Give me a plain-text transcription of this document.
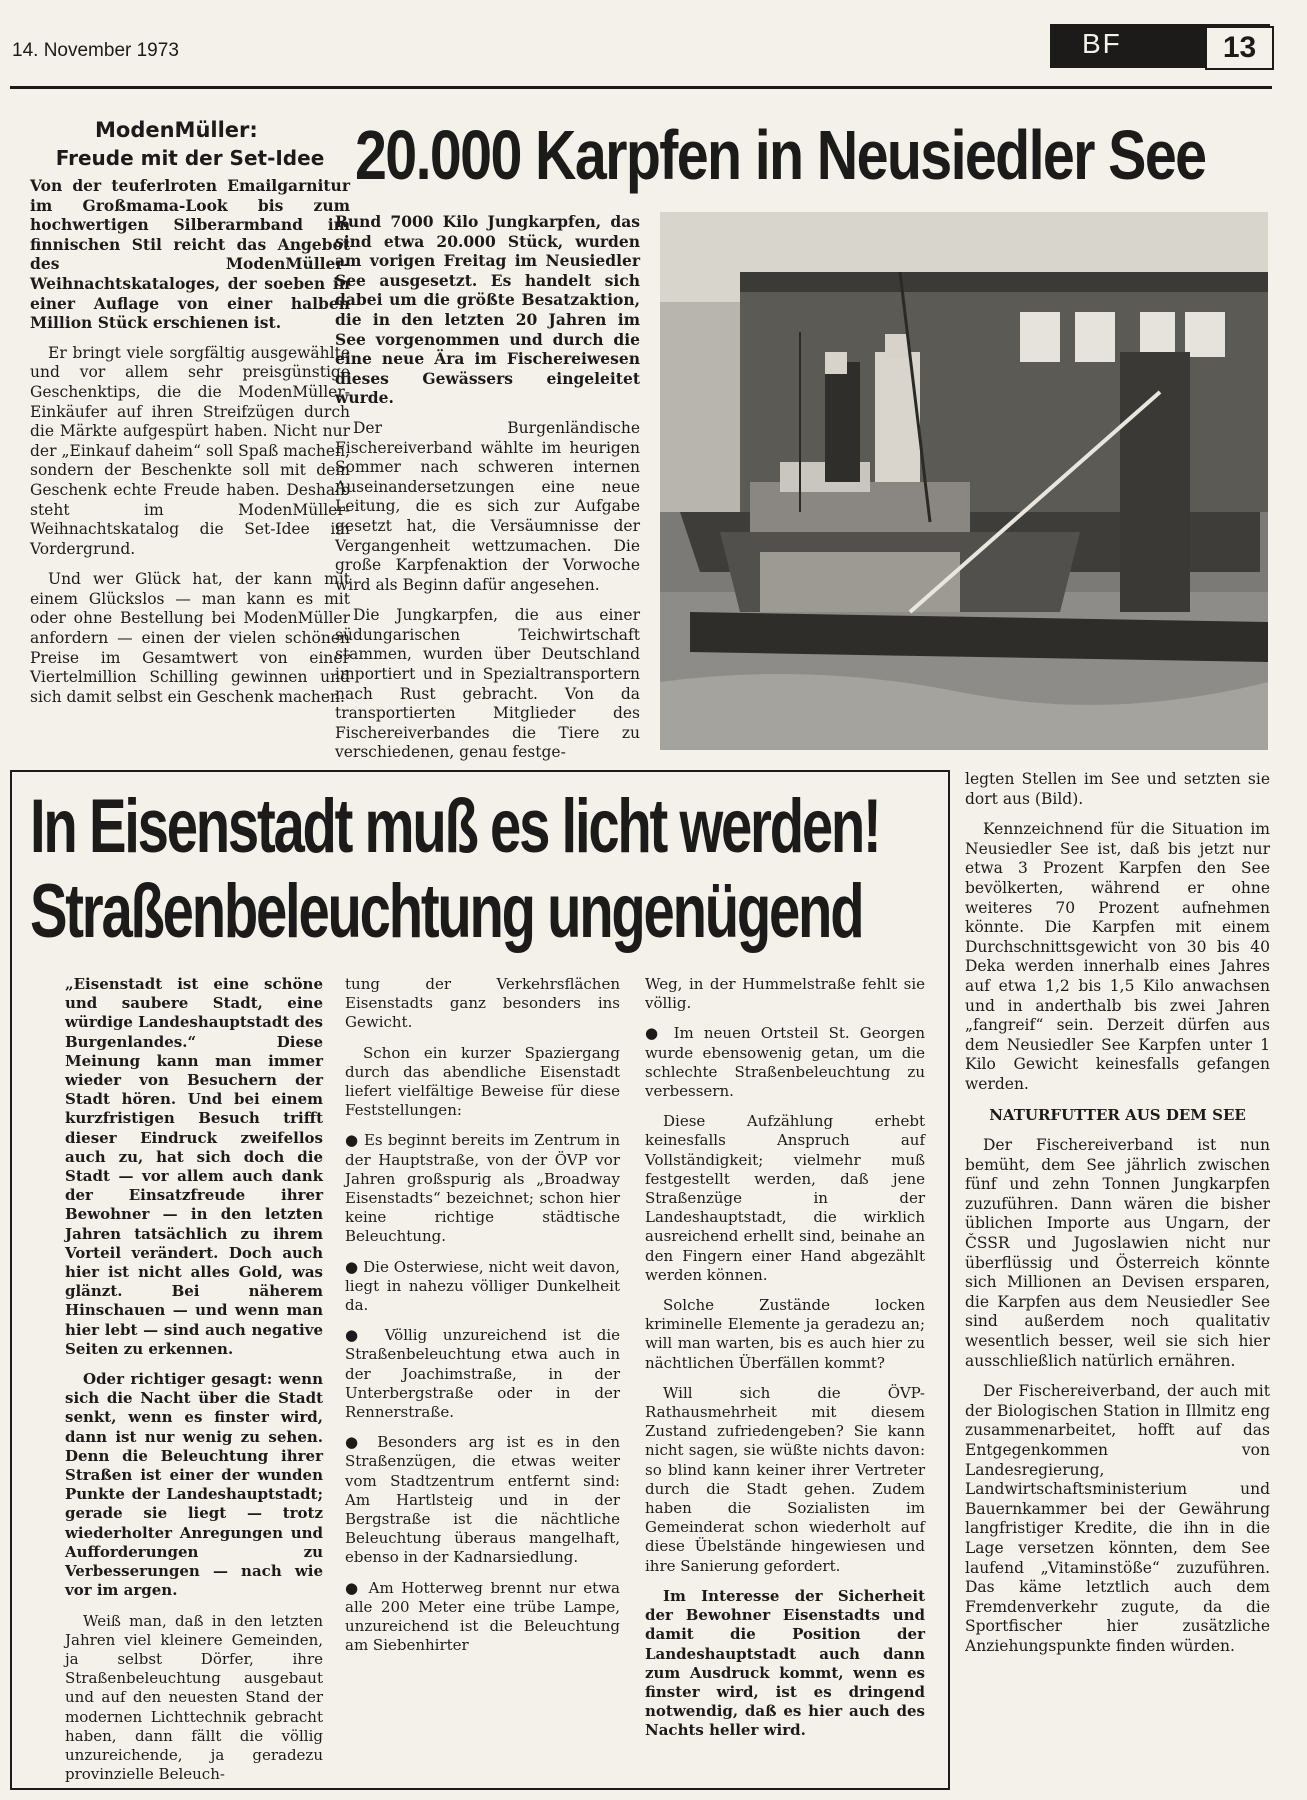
14. November 1973	BF	13
ModenMüller:
Freude mit der Set-Idee

Von der teuferlroten Emailgarnitur im Großmama-Look bis zum hochwertigen Silberarmband im finnischen Stil reicht das Angebot des ModenMüller-Weihnachtskataloges, der soeben in einer Auflage von einer halben Million Stück erschienen ist.

Er bringt viele sorgfältig ausgewählte und vor allem sehr preisgünstige Geschenktips, die die ModenMüller-Einkäufer auf ihren Streifzügen durch die Märkte aufgespürt haben. Nicht nur der „Einkauf daheim“ soll Spaß machen, sondern der Beschenkte soll mit dem Geschenk echte Freude haben. Deshalb steht im ModenMüller-Weihnachtskatalog die Set-Idee im Vordergrund.

Und wer Glück hat, der kann mit einem Glückslos — man kann es mit oder ohne Bestellung bei ModenMüller anfordern — einen der vielen schönen Preise im Gesamtwert von einer Viertelmillion Schilling gewinnen und sich damit selbst ein Geschenk machen.

20.000 Karpfen in Neusiedler See

Rund 7000 Kilo Jungkarpfen, das sind etwa 20.000 Stück, wurden am vorigen Freitag im Neusiedler See ausgesetzt. Es handelt sich dabei um die größte Besatzaktion, die in den letzten 20 Jahren im See vorgenommen und durch die eine neue Ära im Fischereiwesen dieses Gewässers eingeleitet wurde.

Der Burgenländische Fischereiverband wählte im heurigen Sommer nach schweren internen Auseinandersetzungen eine neue Leitung, die es sich zur Aufgabe gesetzt hat, die Versäumnisse der Vergangenheit wettzumachen. Die große Karpfenaktion der Vorwoche wird als Beginn dafür angesehen.

Die Jungkarpfen, die aus einer südungarischen Teichwirtschaft stammen, wurden über Deutschland importiert und in Spezialtransportern nach Rust gebracht. Von da transportierten Mitglieder des Fischereiverbandes die Tiere zu verschiedenen, genau festge-

legten Stellen im See und setzten sie dort aus (Bild).

Kennzeichnend für die Situation im Neusiedler See ist, daß bis jetzt nur etwa 3 Prozent Karpfen den See bevölkerten, während er ohne weiteres 70 Prozent aufnehmen könnte. Die Karpfen mit einem Durchschnittsgewicht von 30 bis 40 Deka werden innerhalb eines Jahres auf etwa 1,2 bis 1,5 Kilo anwachsen und in anderthalb bis zwei Jahren „fangreif“ sein. Derzeit dürfen aus dem Neusiedler See Karpfen unter 1 Kilo Gewicht keinesfalls gefangen werden.

NATURFUTTER AUS DEM SEE

Der Fischereiverband ist nun bemüht, dem See jährlich zwischen fünf und zehn Tonnen Jungkarpfen zuzuführen. Dann wären die bisher üblichen Importe aus Ungarn, der ČSSR und Jugoslawien nicht nur überflüssig und Österreich könnte sich Millionen an Devisen ersparen, die Karpfen aus dem Neusiedler See sind außerdem noch qualitativ wesentlich besser, weil sie sich hier ausschließlich natürlich ernähren.

Der Fischereiverband, der auch mit der Biologischen Station in Illmitz eng zusammenarbeitet, hofft auf das Entgegenkommen von Landesregierung, Landwirtschaftsministerium und Bauernkammer bei der Gewährung langfristiger Kredite, die ihn in die Lage versetzen könnten, dem See laufend „Vitaminstöße“ zuzuführen. Das käme letztlich auch dem Fremdenverkehr zugute, da die Sportfischer hier zusätzliche Anziehungspunkte finden würden.

In Eisenstadt muß es licht werden!
Straßenbeleuchtung ungenügend

„Eisenstadt ist eine schöne und saubere Stadt, eine würdige Landeshauptstadt des Burgenlandes.“ Diese Meinung kann man immer wieder von Besuchern der Stadt hören. Und bei einem kurzfristigen Besuch trifft dieser Eindruck zweifellos auch zu, hat sich doch die Stadt — vor allem auch dank der Einsatzfreude ihrer Bewohner — in den letzten Jahren tatsächlich zu ihrem Vorteil verändert. Doch auch hier ist nicht alles Gold, was glänzt. Bei näherem Hinschauen — und wenn man hier lebt — sind auch negative Seiten zu erkennen.

Oder richtiger gesagt: wenn sich die Nacht über die Stadt senkt, wenn es finster wird, dann ist nur wenig zu sehen. Denn die Beleuchtung ihrer Straßen ist einer der wunden Punkte der Landeshauptstadt; gerade sie liegt — trotz wiederholter Anregungen und Aufforderungen zu Verbesserungen — nach wie vor im argen.

Weiß man, daß in den letzten Jahren viel kleinere Gemeinden, ja selbst Dörfer, ihre Straßenbeleuchtung ausgebaut und auf den neuesten Stand der modernen Lichttechnik gebracht haben, dann fällt die völlig unzureichende, ja geradezu provinzielle Beleuch-

tung der Verkehrsflächen Eisenstadts ganz besonders ins Gewicht.

Schon ein kurzer Spaziergang durch das abendliche Eisenstadt liefert vielfältige Beweise für diese Feststellungen:

● Es beginnt bereits im Zentrum in der Hauptstraße, von der ÖVP vor Jahren großspurig als „Broadway Eisenstadts“ bezeichnet; schon hier keine richtige städtische Beleuchtung.

● Die Osterwiese, nicht weit davon, liegt in nahezu völliger Dunkelheit da.

● Völlig unzureichend ist die Straßenbeleuchtung etwa auch in der Joachimstraße, in der Unterbergstraße oder in der Rennerstraße.

● Besonders arg ist es in den Straßenzügen, die etwas weiter vom Stadtzentrum entfernt sind: Am Hartlsteig und in der Bergstraße ist die nächtliche Beleuchtung überaus mangelhaft, ebenso in der Kadnarsiedlung.

● Am Hotterweg brennt nur etwa alle 200 Meter eine trübe Lampe, unzureichend ist die Beleuchtung am Siebenhirter

Weg, in der Hummelstraße fehlt sie völlig.

● Im neuen Ortsteil St. Georgen wurde ebensowenig getan, um die schlechte Straßenbeleuchtung zu verbessern.

Diese Aufzählung erhebt keinesfalls Anspruch auf Vollständigkeit; vielmehr muß festgestellt werden, daß jene Straßenzüge in der Landeshauptstadt, die wirklich ausreichend erhellt sind, beinahe an den Fingern einer Hand abgezählt werden können.

Solche Zustände locken kriminelle Elemente ja geradezu an; will man warten, bis es auch hier zu nächtlichen Überfällen kommt?

Will sich die ÖVP-Rathausmehrheit mit diesem Zustand zufriedengeben? Sie kann nicht sagen, sie wüßte nichts davon: so blind kann keiner ihrer Vertreter durch die Stadt gehen. Zudem haben die Sozialisten im Gemeinderat schon wiederholt auf diese Übelstände hingewiesen und ihre Sanierung gefordert.

Im Interesse der Sicherheit der Bewohner Eisenstadts und damit die Position der Landeshauptstadt auch dann zum Ausdruck kommt, wenn es finster wird, ist es dringend notwendig, daß es hier auch des Nachts heller wird.
